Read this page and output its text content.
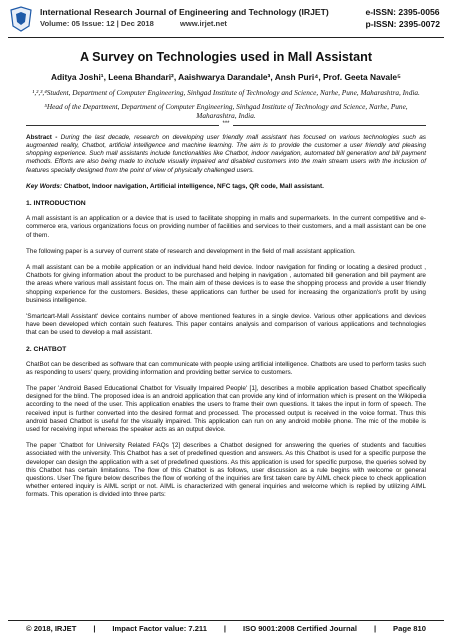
International Research Journal of Engineering and Technology (IRJET)
Volume: 05 Issue: 12 | Dec 2018	www.irjet.net
e-ISSN: 2395-0056
p-ISSN: 2395-0072
A Survey on Technologies used in Mall Assistant
Aditya Joshi¹, Leena Bhandari², Aaishwarya Darandale³, Ansh Puri⁴, Prof. Geeta Navale⁵
¹,²,³,⁴Student, Department of Computer Engineering, Sinhgad Institute of Technology and Science, Narhe, Pune, Maharashtra, India.
⁵Head of the Department, Department of Computer Engineering, Sinhgad Institute of Technology and Science, Narhe, Pune, Maharashtra, India.
***
Abstract - During the last decade, research on developing user friendly mall assistant has focused on various technologies such as augmented reality, Chatbot, artificial intelligence and machine learning. The aim is to provide the customer a user friendly and pleasing shopping experience. Such mall assistants include functionalities like Chatbot, indoor navigation, automated bill generation and bill payment methods. Efforts are also being made to include visually impaired and disabled customers into the main stream users with the inclusion of features specially designed from the point of view of physically challenged users.
Key Words: Chatbot, Indoor navigation, Artificial intelligence, NFC tags, QR code, Mall assistant.
1. INTRODUCTION
A mall assistant is an application or a device that is used to facilitate shopping in malls and supermarkets. In the current competitive and e-commerce era, various organizations focus on providing number of facilities and services to their customers, and a mall assistant can be one of them.
The following paper is a survey of current state of research and development in the field of mall assistant application.
A mall assistant can be a mobile application or an individual hand held device. Indoor navigation for finding or locating a desired product , Chatbots for giving information about the product to be purchased and helping in navigation , automated bill generation and bill payment are the areas where various mall assistant focus on. The main aim of these devices is to ease the shopping process and provide a user friendly shopping experience for the customers. Besides, these applications can further be used for increasing the organization's profit by using business intelligence.
'Smartcart-Mall Assistant' device contains number of above mentioned features in a single device. Various other applications and devices have been developed which contain such features. This paper contains analysis and comparison of various applications and technologies that can be used to develop a mall assistant.
2. CHATBOT
ChatBot can be described as software that can communicate with people using artificial intelligence. Chatbots are used to perform tasks such as responding to users' query, providing information and providing better service to customers.
The paper 'Android Based Educational Chatbot for Visually Impaired People' [1], describes a mobile application based Chatbot specifically designed for the blind. The proposed idea is an android application that can provide any kind of information which is present on the Wikipedia according to the need of the user. This application enables the users to frame their own questions. It takes the input in form of speech. The received input is further converted into the desired format and processed. The processed output is received in the voice format. Thus this android based Chatbot is useful for the visually impaired. This application can run on any android mobile phone. The mic of the mobile is used for receiving input whereas the speaker acts as an output device.
The paper 'Chatbot for University Related FAQs '[2] describes a Chatbot designed for answering the queries of students and faculties associated with the university. This Chatbot has a set of predefined question and answers. As this Chatbot is used for a specific purpose the developer can design the application with a set of predefined questions. As this application is used for specific purpose, the queries solved by this Chatbot has certain limitations. The flow of this Chatbot is as follows, user discussion as a rule begins with welcome or general questions. User The figure below describes the flow of working of the inquiries are first taken care by AIML check piece to check application whether entered inquiry is AIML script or not. AIML is characterized with general inquiries and welcome which is replied by utilizing AIML formats. This operation is divided into three parts:
© 2018, IRJET | Impact Factor value: 7.211 | ISO 9001:2008 Certified Journal | Page 810
